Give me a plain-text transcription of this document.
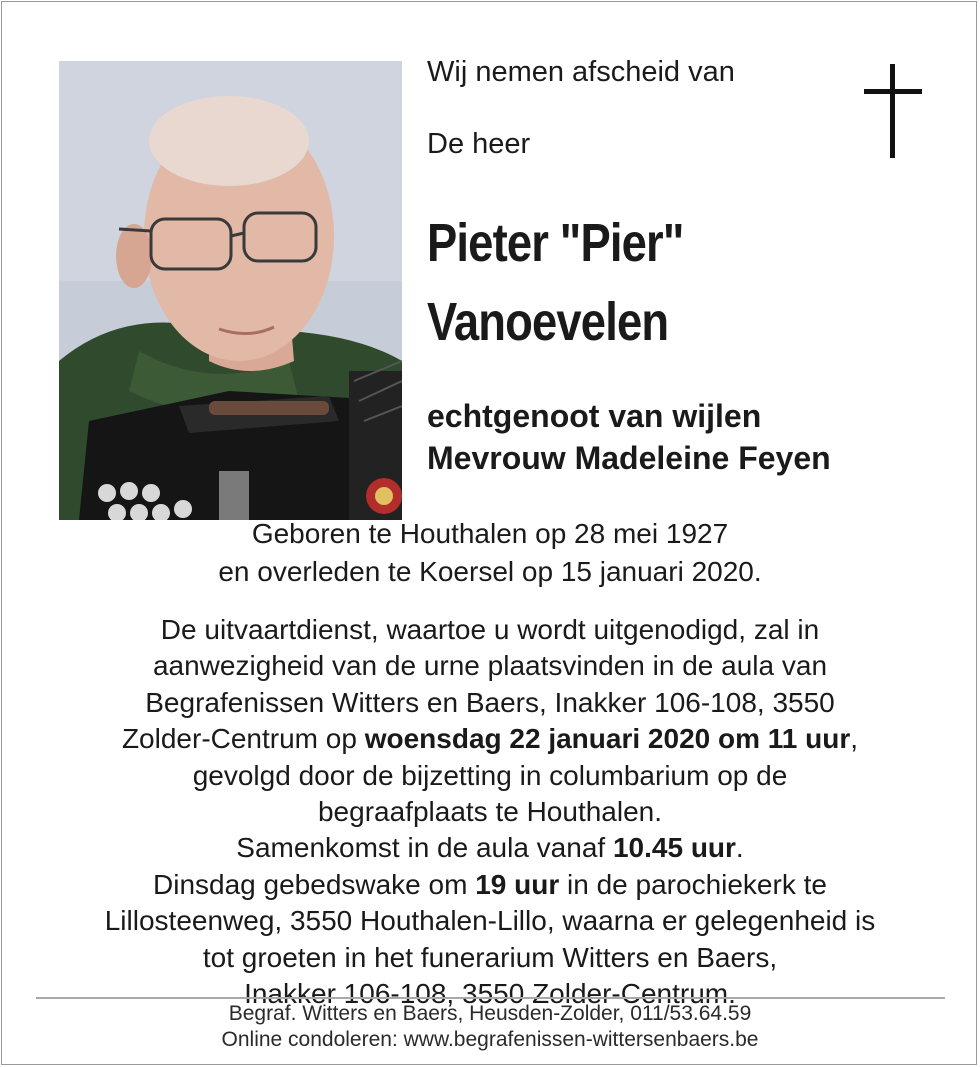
Wij nemen afscheid van
De heer
Pieter "Pier"
Vanoevelen
echtgenoot van wijlen
Mevrouw Madeleine Feyen
Geboren te Houthalen op 28 mei 1927
en overleden te Koersel op 15 januari 2020.
De uitvaartdienst, waartoe u wordt uitgenodigd, zal in
aanwezigheid van de urne plaatsvinden in de aula van
Begrafenissen Witters en Baers, Inakker 106-108, 3550
Zolder-Centrum op woensdag 22 januari 2020 om 11 uur,
gevolgd door de bijzetting in columbarium op de
begraafplaats te Houthalen.
Samenkomst in de aula vanaf 10.45 uur.
Dinsdag gebedswake om 19 uur in de parochiekerk te
Lillosteenweg, 3550 Houthalen-Lillo, waarna er gelegenheid is
tot groeten in het funerarium Witters en Baers,
Inakker 106-108, 3550 Zolder-Centrum.
Begraf. Witters en Baers, Heusden-Zolder, 011/53.64.59
Online condoleren: www.begrafenissen-wittersenbaers.be
